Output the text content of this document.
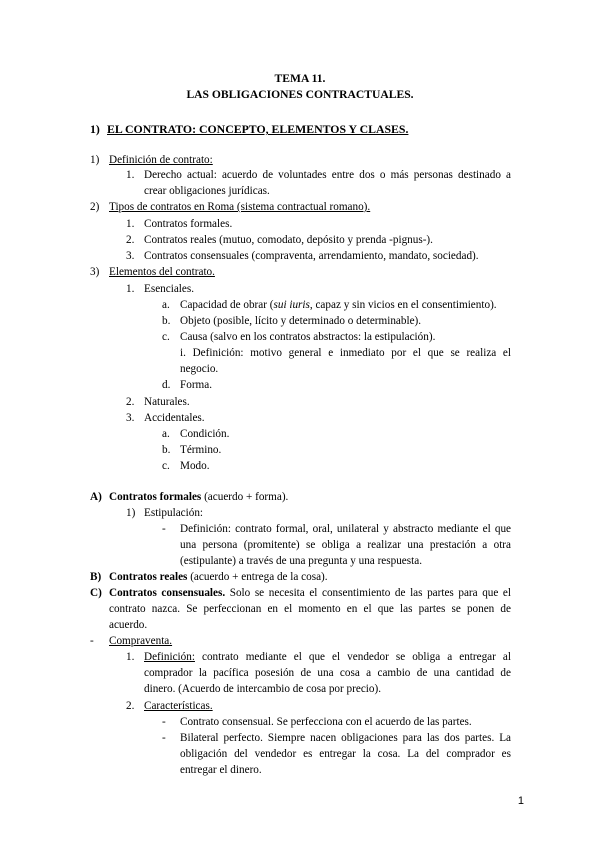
TEMA 11.
LAS OBLIGACIONES CONTRACTUALES.
1) EL CONTRATO: CONCEPTO, ELEMENTOS Y CLASES.
1) Definición de contrato:
1. Derecho actual: acuerdo de voluntades entre dos o más personas destinado a
crear obligaciones jurídicas.
2) Tipos de contratos en Roma (sistema contractual romano).
1. Contratos formales.
2. Contratos reales (mutuo, comodato, depósito y prenda -pignus-).
3. Contratos consensuales (compraventa, arrendamiento, mandato, sociedad).
3) Elementos del contrato.
1. Esenciales.
a. Capacidad de obrar (sui iuris, capaz y sin vicios en el consentimiento).
b. Objeto (posible, lícito y determinado o determinable).
c. Causa (salvo en los contratos abstractos: la estipulación).
i. Definición: motivo general e inmediato por el que se realiza el
negocio.
d. Forma.
2. Naturales.
3. Accidentales.
a. Condición.
b. Término.
c. Modo.
A) Contratos formales (acuerdo + forma).
1) Estipulación:
- Definición: contrato formal, oral, unilateral y abstracto mediante el que
una persona (promitente) se obliga a realizar una prestación a otra
(estipulante) a través de una pregunta y una respuesta.
B) Contratos reales (acuerdo + entrega de la cosa).
C) Contratos consensuales. Solo se necesita el consentimiento de las partes para que el
contrato nazca. Se perfeccionan en el momento en el que las partes se ponen de
acuerdo.
- Compraventa.
1. Definición: contrato mediante el que el vendedor se obliga a entregar al
comprador la pacífica posesión de una cosa a cambio de una cantidad de
dinero. (Acuerdo de intercambio de cosa por precio).
2. Características.
- Contrato consensual. Se perfecciona con el acuerdo de las partes.
- Bilateral perfecto. Siempre nacen obligaciones para las dos partes. La
obligación del vendedor es entregar la cosa. La del comprador es
entregar el dinero.
1
